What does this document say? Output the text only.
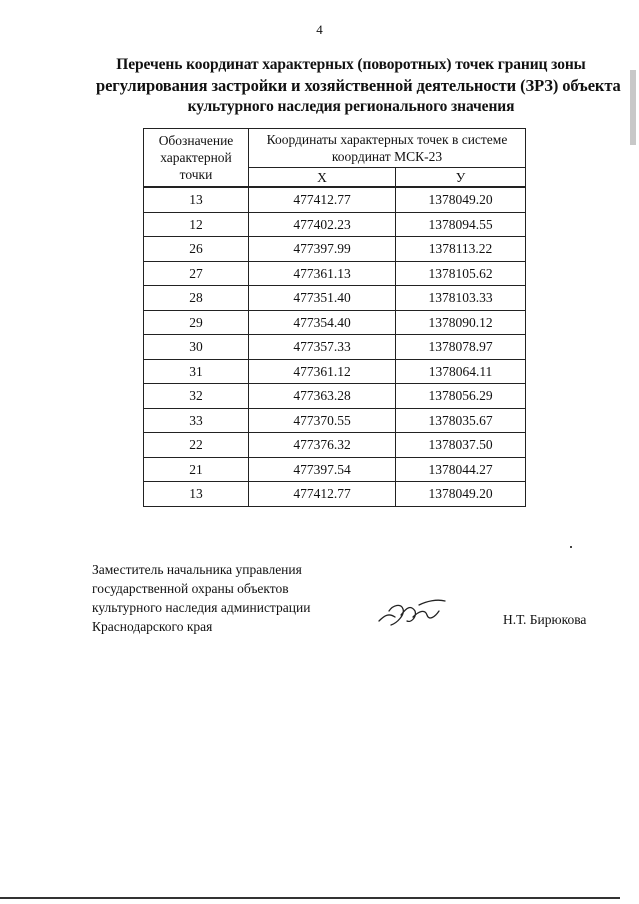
4
Перечень координат характерных (поворотных) точек границ зоны
регулирования застройки и хозяйственной деятельности (ЗРЗ) объекта
культурного наследия регионального значения
Обозначение
характерной
точки	Координаты характерных точек в системе
координат МСК-23	
	X	У
13	477412.77	1378049.20
12	477402.23	1378094.55
26	477397.99	1378113.22
27	477361.13	1378105.62
28	477351.40	1378103.33
29	477354.40	1378090.12
30	477357.33	1378078.97
31	477361.12	1378064.11
32	477363.28	1378056.29
33	477370.55	1378035.67
22	477376.32	1378037.50
21	477397.54	1378044.27
13	477412.77	1378049.20
Заместитель начальника управления
государственной охраны объектов
культурного наследия администрации
Краснодарского края	Н.Т. Бирюкова
